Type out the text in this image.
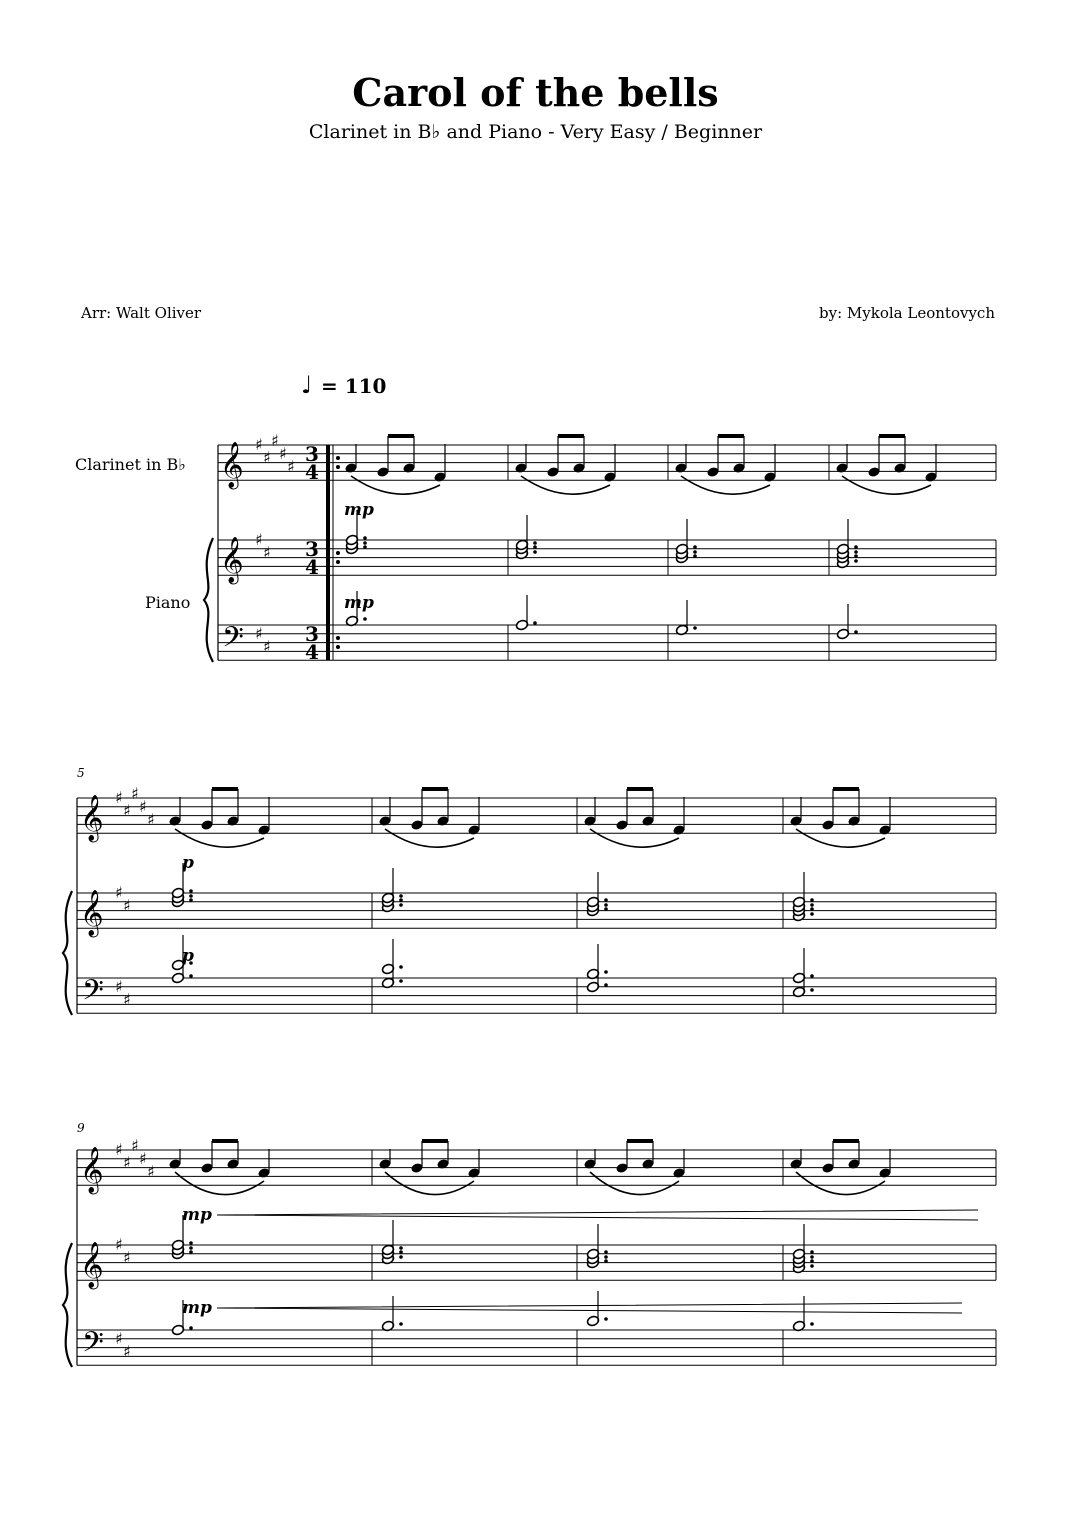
Carol of the bells
Clarinet in B♭ and Piano - Very Easy / Beginner
Arr: Walt Oliver	by: Mykola Leontovych
♩ = 110
Clarinet in B♭
Piano
𝄞
𝄞
𝄢
♯
♯
♯
♯
♯
♯
♯
♯
♯
3
4
3
4
3
4
mp
mp
5
𝄞
𝄞
𝄢
♯
♯
♯
♯
♯
♯
♯
♯
♯
p
p
9
𝄞
𝄞
𝄢
♯
♯
♯
♯
♯
♯
♯
♯
♯
mp
mp
